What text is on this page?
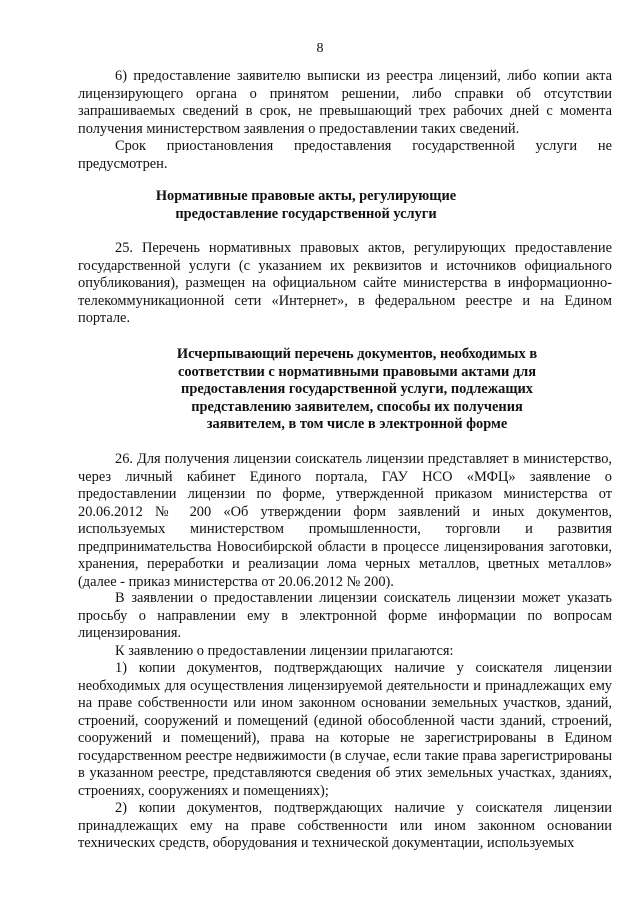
8

6) предоставление заявителю выписки из реестра лицензий, либо копии акта лицензирующего органа о принятом решении, либо справки об отсутствии запрашиваемых сведений в срок, не превышающий трех рабочих дней с момента получения министерством заявления о предоставлении таких сведений.

Срок приостановления предоставления государственной услуги не предусмотрен.

Нормативные правовые акты, регулирующие предоставление государственной услуги

25. Перечень нормативных правовых актов, регулирующих предоставление государственной услуги (с указанием их реквизитов и источников официального опубликования), размещен на официальном сайте министерства в информационно-телекоммуникационной сети «Интернет», в федеральном реестре и на Едином портале.

Исчерпывающий перечень документов, необходимых в соответствии с нормативными правовыми актами для предоставления государственной услуги, подлежащих представлению заявителем, способы их получения заявителем, в том числе в электронной форме

26. Для получения лицензии соискатель лицензии представляет в министерство, через личный кабинет Единого портала, ГАУ НСО «МФЦ» заявление о предоставлении лицензии по форме, утвержденной приказом министерства от 20.06.2012 № 200 «Об утверждении форм заявлений и иных документов, используемых министерством промышленности, торговли и развития предпринимательства Новосибирской области в процессе лицензирования заготовки, хранения, переработки и реализации лома черных металлов, цветных металлов» (далее - приказ министерства от 20.06.2012 № 200).

В заявлении о предоставлении лицензии соискатель лицензии может указать просьбу о направлении ему в электронной форме информации по вопросам лицензирования.

К заявлению о предоставлении лицензии прилагаются:

1) копии документов, подтверждающих наличие у соискателя лицензии необходимых для осуществления лицензируемой деятельности и принадлежащих ему на праве собственности или ином законном основании земельных участков, зданий, строений, сооружений и помещений (единой обособленной части зданий, строений, сооружений и помещений), права на которые не зарегистрированы в Едином государственном реестре недвижимости (в случае, если такие права зарегистрированы в указанном реестре, представляются сведения об этих земельных участках, зданиях, строениях, сооружениях и помещениях);

2) копии документов, подтверждающих наличие у соискателя лицензии принадлежащих ему на праве собственности или ином законном основании технических средств, оборудования и технической документации, используемых
